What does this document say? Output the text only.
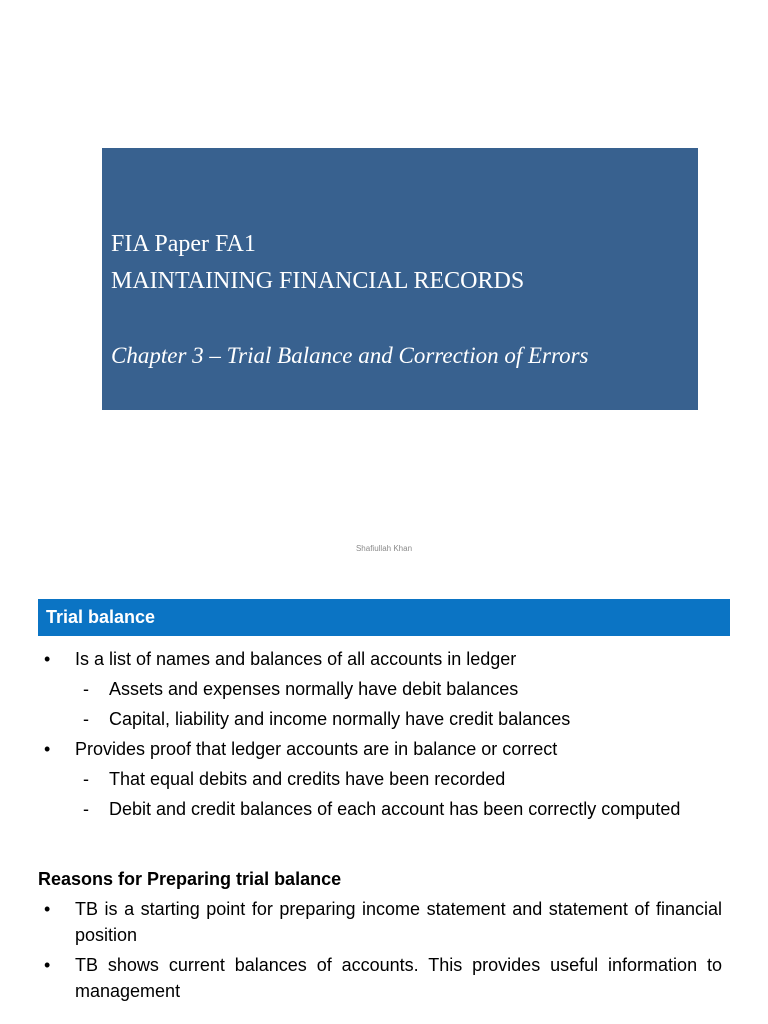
FIA Paper FA1
MAINTAINING FINANCIAL RECORDS
Chapter 3 – Trial Balance and Correction of Errors
Shafiullah Khan
Trial balance
• Is a list of names and balances of all accounts in ledger
- Assets and expenses normally have debit balances
- Capital, liability and income normally have credit balances
• Provides proof that ledger accounts are in balance or correct
- That equal debits and credits have been recorded
- Debit and credit balances of each account has been correctly computed
Reasons for Preparing trial balance
• TB is a starting point for preparing income statement and statement of financial position
• TB shows current balances of accounts. This provides useful information to management
